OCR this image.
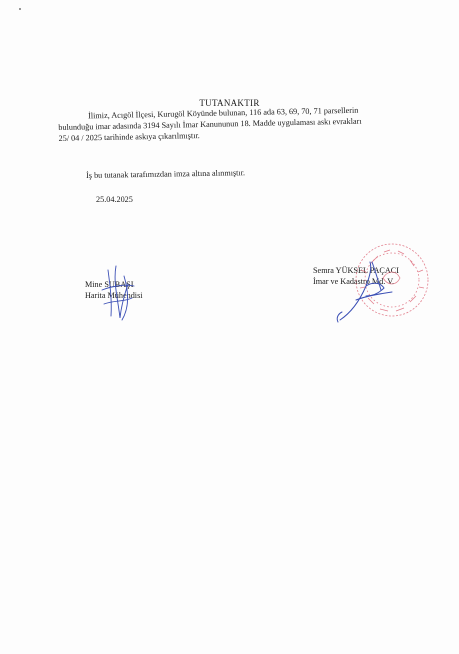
TUTANAKTIR
İlimiz, Acıgöl İlçesi, Kurugöl Köyünde bulunan, 116 ada 63, 69, 70, 71 parsellerin
bulunduğu imar adasında 3194 Sayılı İmar Kanununun 18. Madde uygulaması askı evrakları
25/ 04 / 2025 tarihinde askıya çıkarılmıştır.
İş bu tutanak tarafımızdan imza altına alınmıştır.
25.04.2025
Mine SUBAŞI
Harita Mühendisi
Semra YÜKSEL PAÇACI
İmar ve Kadastro Md. V.
